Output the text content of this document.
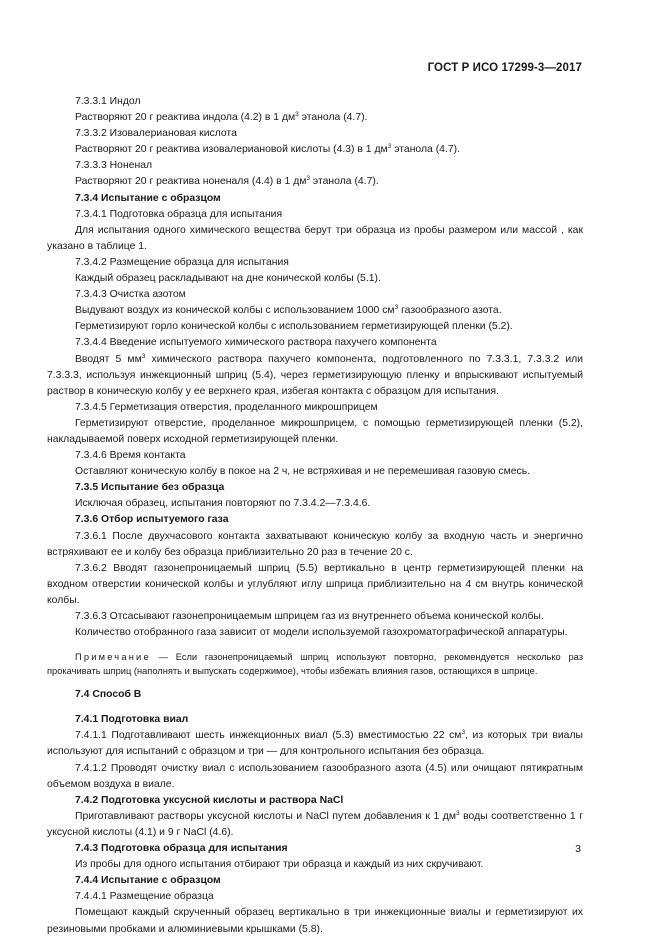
ГОСТ Р ИСО 17299-3—2017

7.3.3.1 Индол

Растворяют 20 г реактива индола (4.2) в 1 $дм^3$ этанола (4.7).

7.3.3.2 Изовалериановая кислота

Растворяют 20 г реактива изовалериановой кислоты (4.3) в 1 $дм^3$ этанола (4.7).

7.3.3.3 Ноненал

Растворяют 20 г реактива ноненаля (4.4) в 1 $дм^3$ этанола (4.7).

7.3.4 Испытание с образцом

7.3.4.1 Подготовка образца для испытания

Для испытания одного химического вещества берут три образца из пробы размером или массой , как указано в таблице 1.

7.3.4.2 Размещение образца для испытания

Каждый образец раскладывают на дне конической колбы (5.1).

7.3.4.3 Очистка азотом

Выдувают воздух из конической колбы с использованием 1000 $см^3$ газообразного азота.

Герметизируют горло конической колбы с использованием герметизирующей пленки (5.2).

7.3.4.4 Введение испытуемого химического раствора пахучего компонента

Вводят 5 $мм^3$ химического раствора пахучего компонента, подготовленного по 7.3.3.1, 7.3.3.2 или 7.3.3.3, используя инжекционный шприц (5.4), через герметизирующую пленку и впрыскивают испытуемый раствор в коническую колбу у ее верхнего края, избегая контакта с образцом для испытания.

7.3.4.5 Герметизация отверстия, проделанного микрошприцем

Герметизируют отверстие, проделанное микрошприцем, с помощью герметизирующей пленки (5.2), накладываемой поверх исходной герметизирующей пленки.

7.3.4.6 Время контакта

Оставляют коническую колбу в покое на 2 ч, не встряхивая и не перемешивая газовую смесь.

7.3.5 Испытание без образца

Исключая образец, испытания повторяют по 7.3.4.2—7.3.4.6.

7.3.6 Отбор испытуемого газа

7.3.6.1 После двухчасового контакта захватывают коническую колбу за входную часть и энергично встряхивают ее и колбу без образца приблизительно 20 раз в течение 20 с.

7.3.6.2 Вводят газонепроницаемый шприц (5.5) вертикально в центр герметизирующей пленки на входном отверстии конической колбы и углубляют иглу шприца приблизительно на 4 см внутрь конической колбы.

7.3.6.3 Отсасывают газонепроницаемым шприцем газ из внутреннего объема конической колбы.

Количество отобранного газа зависит от модели используемой газохроматографической аппаратуры.

Примечание — Если газонепроницаемый шприц используют повторно, рекомендуется несколько раз прокачивать шприц (наполнять и выпускать содержимое), чтобы избежать влияния газов, остающихся в шприце.

7.4 Способ В

7.4.1 Подготовка виал

7.4.1.1 Подготавливают шесть инжекционных виал (5.3) вместимостью 22 $см^3$, из которых три виалы используют для испытаний с образцом и три — для контрольного испытания без образца.

7.4.1.2 Проводят очистку виал с использованием газообразного азота (4.5) или очищают пятикратным объемом воздуха в виале.

7.4.2 Подготовка уксусной кислоты и раствора NaCl

Приготавливают растворы уксусной кислоты и NaCl путем добавления к 1 $дм^3$ воды соответственно 1 г уксусной кислоты (4.1) и 9 г NaCl (4.6).

7.4.3 Подготовка образца для испытания

Из пробы для одного испытания отбирают три образца и каждый из них скручивают.

7.4.4 Испытание с образцом

7.4.4.1 Размещение образца

Помещают каждый скрученный образец вертикально в три инжекционные виалы и герметизируют их резиновыми пробками и алюминиевыми крышками (5.8).

3
